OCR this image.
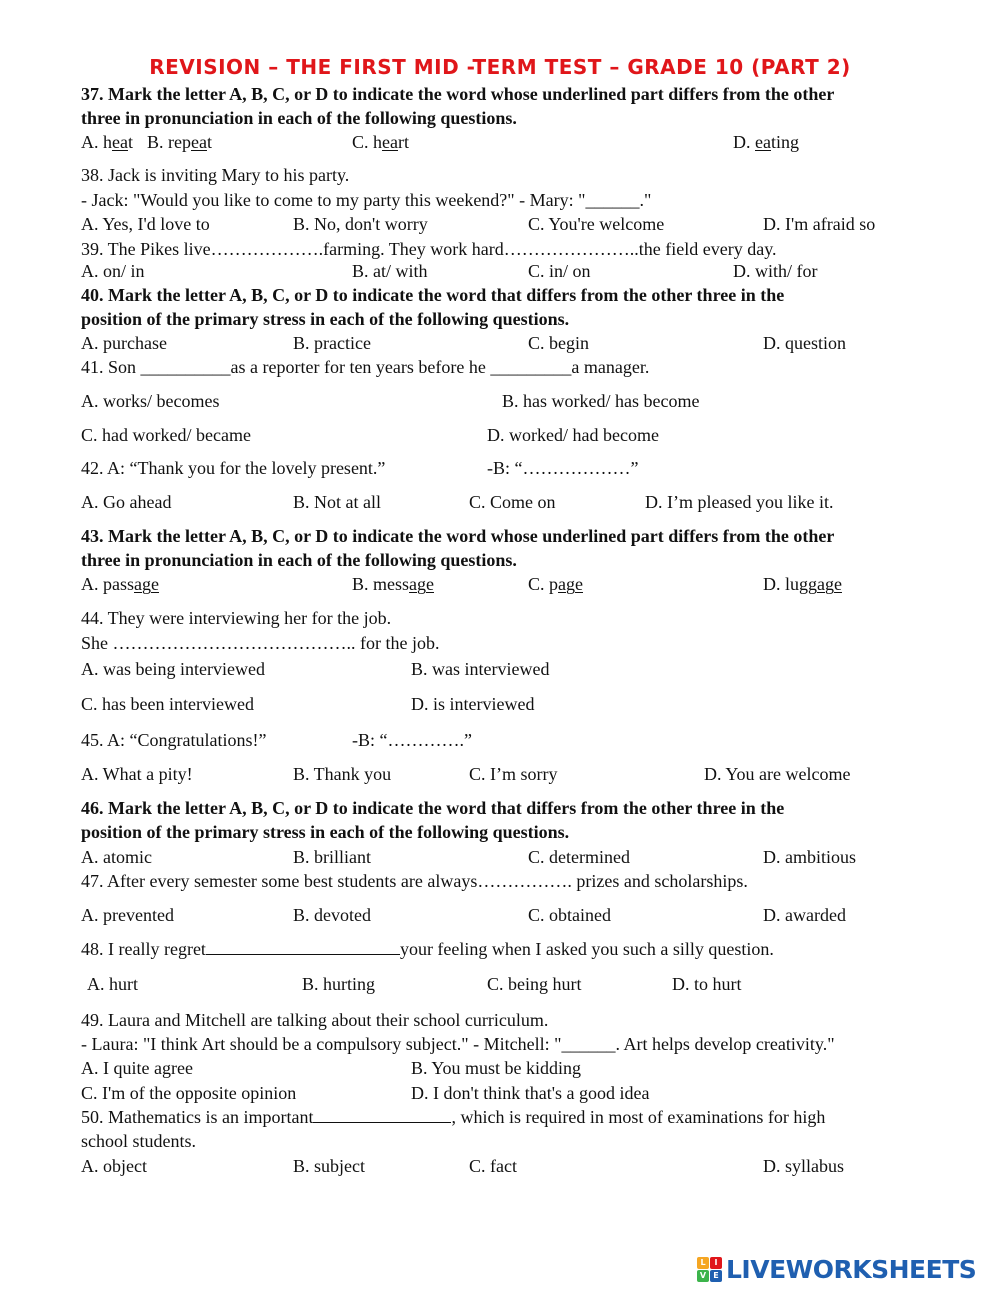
REVISION – THE FIRST MID -TERM TEST – GRADE 10 (PART 2)
37. Mark the letter A, B, C, or D to indicate the word whose underlined part differs from the other
three in pronunciation in each of the following questions.
A. heat B. repeat	C. heart	D. eating
38. Jack is inviting Mary to his party.
- Jack: "Would you like to come to my party this weekend?" - Mary: "______."
A. Yes, I'd love to	B. No, don't worry	C. You're welcome	D. I'm afraid so
39. The Pikes live……………….farming. They work hard…………………..the field every day.
A. on/ in	B. at/ with	C. in/ on	D. with/ for
40. Mark the letter A, B, C, or D to indicate the word that differs from the other three in the
position of the primary stress in each of the following questions.
A. purchase	B. practice	C. begin	D. question
41. Son __________as a reporter for ten years before he _________a manager.
A. works/ becomes	B. has worked/ has become
C. had worked/ became	D. worked/ had become
42. A: “Thank you for the lovely present.”	-B: “………………”
A. Go ahead	B. Not at all	C. Come on	D. I’m pleased you like it.
43. Mark the letter A, B, C, or D to indicate the word whose underlined part differs from the other
three in pronunciation in each of the following questions.
A. passage	B. message	C. page	D. luggage
44. They were interviewing her for the job.
She ………………………………….. for the job.
A. was being interviewed	B. was interviewed
C. has been interviewed	D. is interviewed
45. A: “Congratulations!”	-B: “………….”
A. What a pity!	B. Thank you	C. I’m sorry	D. You are welcome
46. Mark the letter A, B, C, or D to indicate the word that differs from the other three in the
position of the primary stress in each of the following questions.
A. atomic	B. brilliant	C. determined	D. ambitious
47. After every semester some best students are always……………. prizes and scholarships.
A. prevented	B. devoted	C. obtained	D. awarded
48. I really regret	your feeling when I asked you such a silly question.
A. hurt	B. hurting	C. being hurt	D. to hurt
49. Laura and Mitchell are talking about their school curriculum.
- Laura: "I think Art should be a compulsory subject." - Mitchell: "______. Art helps develop creativity."
A. I quite agree	B. You must be kidding
C. I'm of the opposite opinion	D. I don't think that's a good idea
50. Mathematics is an important	, which is required in most of examinations for high
school students.
A. object	B. subject	C. fact	D. syllabus
L	I
V E LIVEWORKSHEETS
